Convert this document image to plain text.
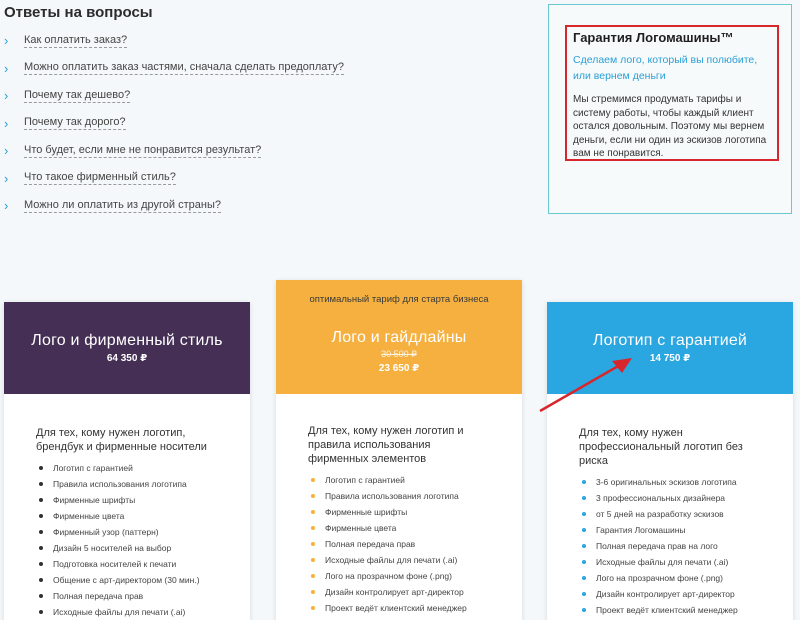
Ответы на вопросы
›	Как оплатить заказ?
›	Можно оплатить заказ частями, сначала сделать предоплату?
›	Почему так дешево?
›	Почему так дорого?
›	Что будет, если мне не понравится результат?
›	Что такое фирменный стиль?
›	Можно ли оплатить из другой страны?
Гарантия Логомашины™
Сделаем лого, который вы полюбите, или вернем деньги
Мы стремимся продумать тарифы и систему работы, чтобы каждый клиент остался довольным. Поэтому мы вернем деньги, если ни один из эскизов логотипа вам не понравится.
Лого и фирменный стиль
64 350 ₽
Для тех, кому нужен логотип, брендбук и фирменные носители
Логотип с гарантией
Правила использования логотипа
Фирменные шрифты
Фирменные цвета
Фирменный узор (паттерн)
Дизайн 5 носителей на выбор
Подготовка носителей к печати
Общение с арт-директором (30 мин.)
Полная передача прав
Исходные файлы для печати (.ai)
оптимальный тариф для старта бизнеса
Лого и гайдлайны
30 500 ₽
23 650 ₽
Для тех, кому нужен логотип и правила использования фирменных элементов
Логотип с гарантией
Правила использования логотипа
Фирменные шрифты
Фирменные цвета
Полная передача прав
Исходные файлы для печати (.ai)
Лого на прозрачном фоне (.png)
Дизайн контролирует арт-директор
Проект ведёт клиентский менеджер
Логотип с гарантией
14 750 ₽
Для тех, кому нужен профессиональный логотип без риска
3-6 оригинальных эскизов логотипа
3 профессиональных дизайнера
от 5 дней на разработку эскизов
Гарантия Логомашины
Полная передача прав на лого
Исходные файлы для печати (.ai)
Лого на прозрачном фоне (.png)
Дизайн контролирует арт-директор
Проект ведёт клиентский менеджер
